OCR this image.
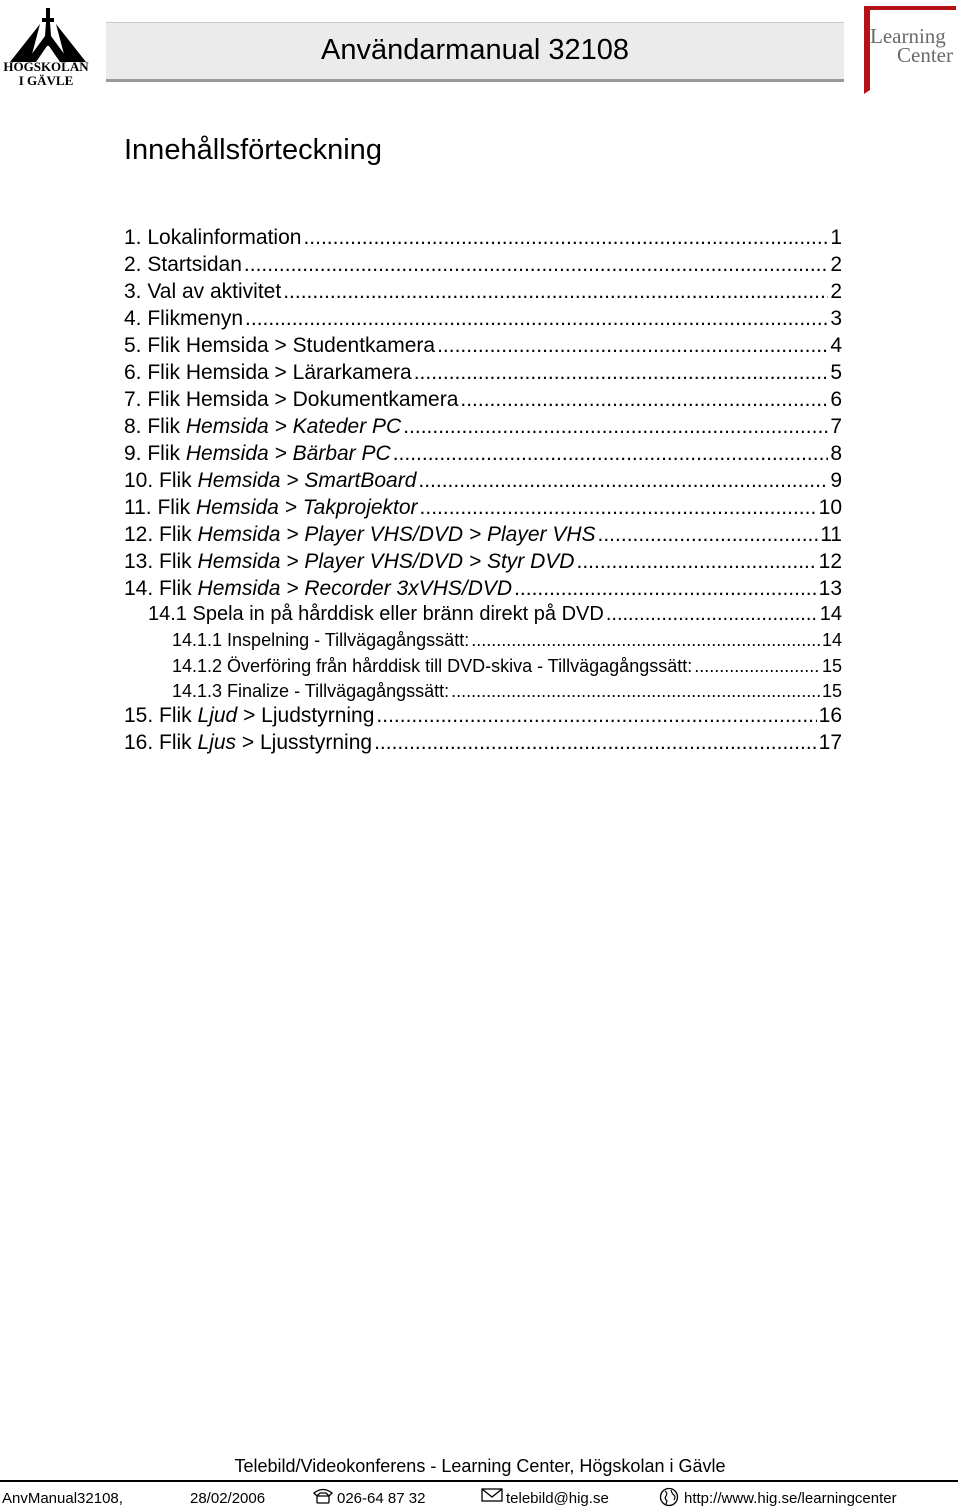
HÖGSKOLAN
I GÄVLE
Användarmanual 32108	Learning
Center
Innehållsförteckning
1. Lokalinformation .....	1
2. Startsidan .....	2
3. Val av aktivitet .....	2
4. Flikmenyn .....	3
5. Flik Hemsida > Studentkamera .....	4
6. Flik Hemsida > Lärarkamera .....	5
7. Flik Hemsida > Dokumentkamera .....	6
8. Flik Hemsida > Kateder PC .....	7
9. Flik Hemsida > Bärbar PC .....	8
10. Flik Hemsida > SmartBoard .....	9
11. Flik Hemsida > Takprojektor .....	10
12. Flik Hemsida > Player VHS/DVD > Player VHS .....	11
13. Flik Hemsida > Player VHS/DVD > Styr DVD .....	12
14. Flik Hemsida > Recorder 3xVHS/DVD .....	13
14.1 Spela in på hårddisk eller bränn direkt på DVD .....	14
14.1.1 Inspelning - Tillvägagångssätt: .....	14
14.1.2 Överföring från hårddisk till DVD-skiva - Tillvägagångssätt: .....	15
14.1.3 Finalize - Tillvägagångssätt: .....	15
15. Flik Ljud > Ljudstyrning .....	16
16. Flik Ljus > Ljusstyrning .....	17
Telebild/Videokonferens - Learning Center, Högskolan i Gävle
AnvManual32108,	28/02/2006	026-64 87 32	telebild@hig.se	http://www.hig.se/learningcenter
